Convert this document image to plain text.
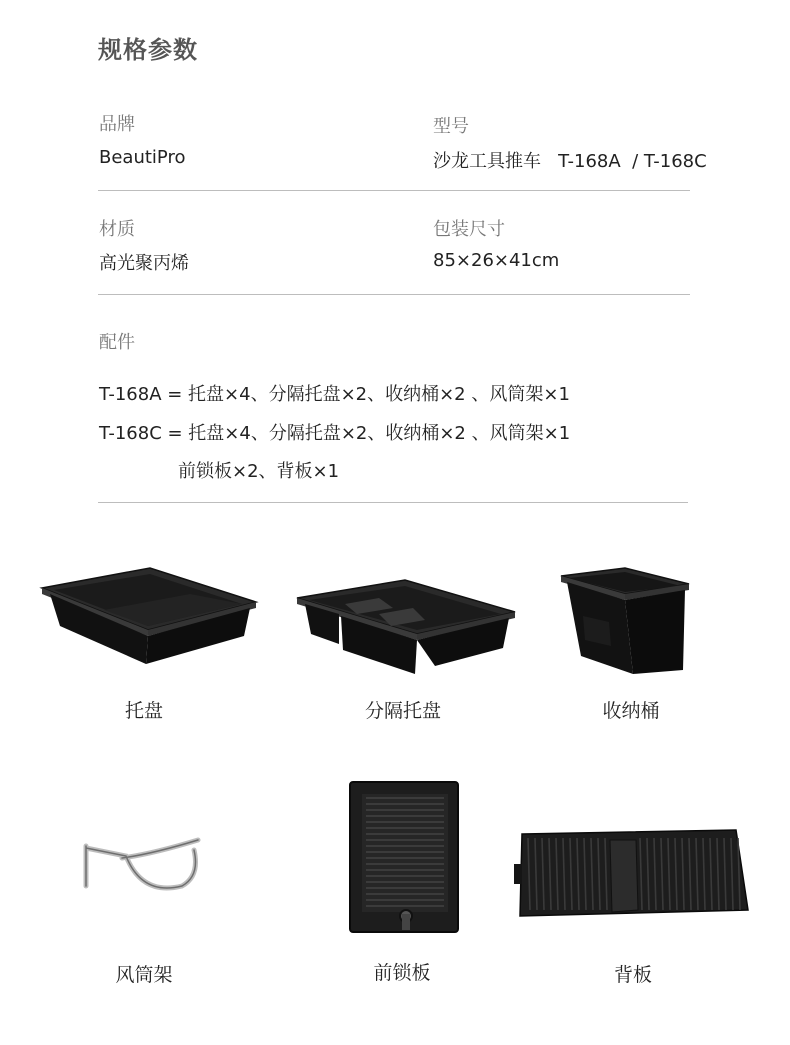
规格参数
品牌	型号
BeautiPro	沙龙工具推车   T-168A  / T-168C
材质	包装尺寸
高光聚丙烯	85×26×41cm
配件
T-168A = 托盘×4、分隔托盘×2、收纳桶×2 、风筒架×1
T-168C = 托盘×4、分隔托盘×2、收纳桶×2 、风筒架×1
前锁板×2、背板×1
托盘	分隔托盘	收纳桶
风筒架	前锁板	背板
